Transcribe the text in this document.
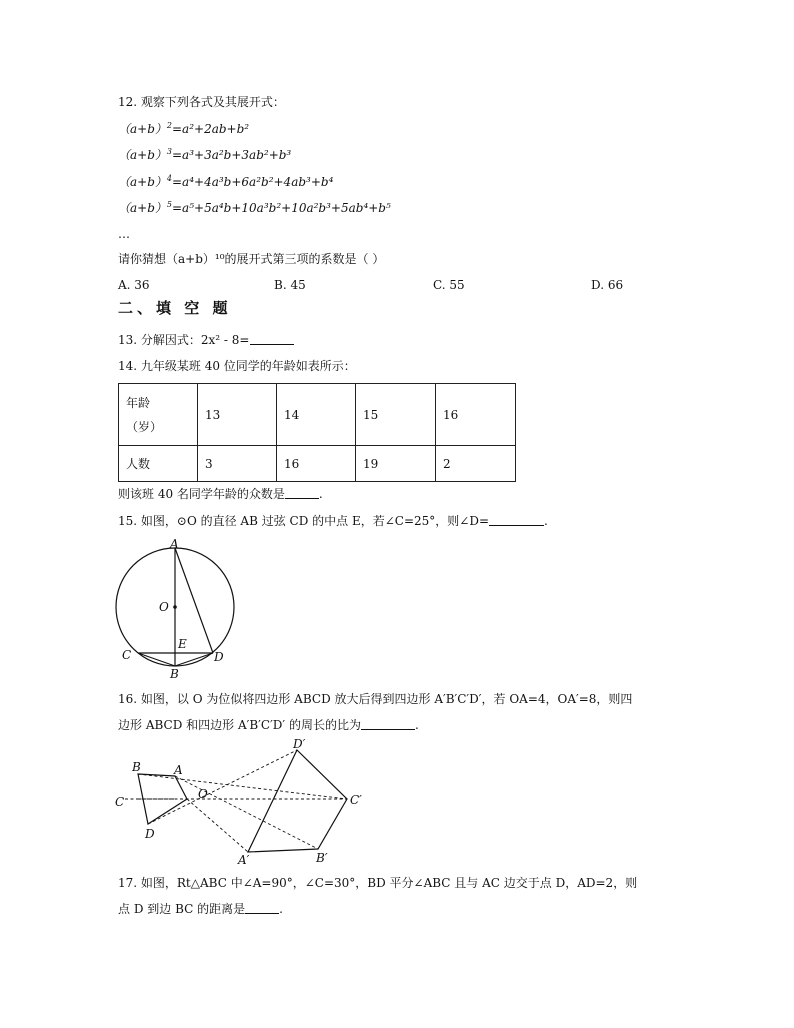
12. 观察下列各式及其展开式：
$(a+b)^2=a^2+2ab+b^2$
$(a+b)^3=a^3+3a^2b+3ab^2+b^3$
$(a+b)^4=a^4+4a^3b+6a^2b^2+4ab^3+b^4$
$(a+b)^5=a^5+5a^4b+10a^3b^2+10a^2b^3+5ab^4+b^5$
…
请你猜想（a+b）¹⁰的展开式第三项的系数是（ ）
A. 36	B. 45	C. 55	D. 66
二、填 空 题
13. 分解因式：2x² - 8=
14. 九年级某班 40 位同学的年龄如表所示：
年龄
（岁）	13	14	15	16
人数	3	16	19	2
则该班 40 名同学年龄的众数是	.
15. 如图，⊙O 的直径 AB 过弦 CD 的中点 E，若∠C=25°，则∠D=	.
A
O
E
B
C	D
16. 如图，以 O 为位似将四边形 ABCD 放大后得到四边形 A′B′C′D′，若 OA=4，OA′=8，则四
边形 ABCD 和四边形 A′B′C′D′ 的周长的比为	.
B	A
C
D
O
D′
C′
A′	B′
17. 如图，Rt△ABC 中∠A=90°，∠C=30°，BD 平分∠ABC 且与 AC 边交于点 D，AD=2，则
点 D 到边 BC 的距离是	.
